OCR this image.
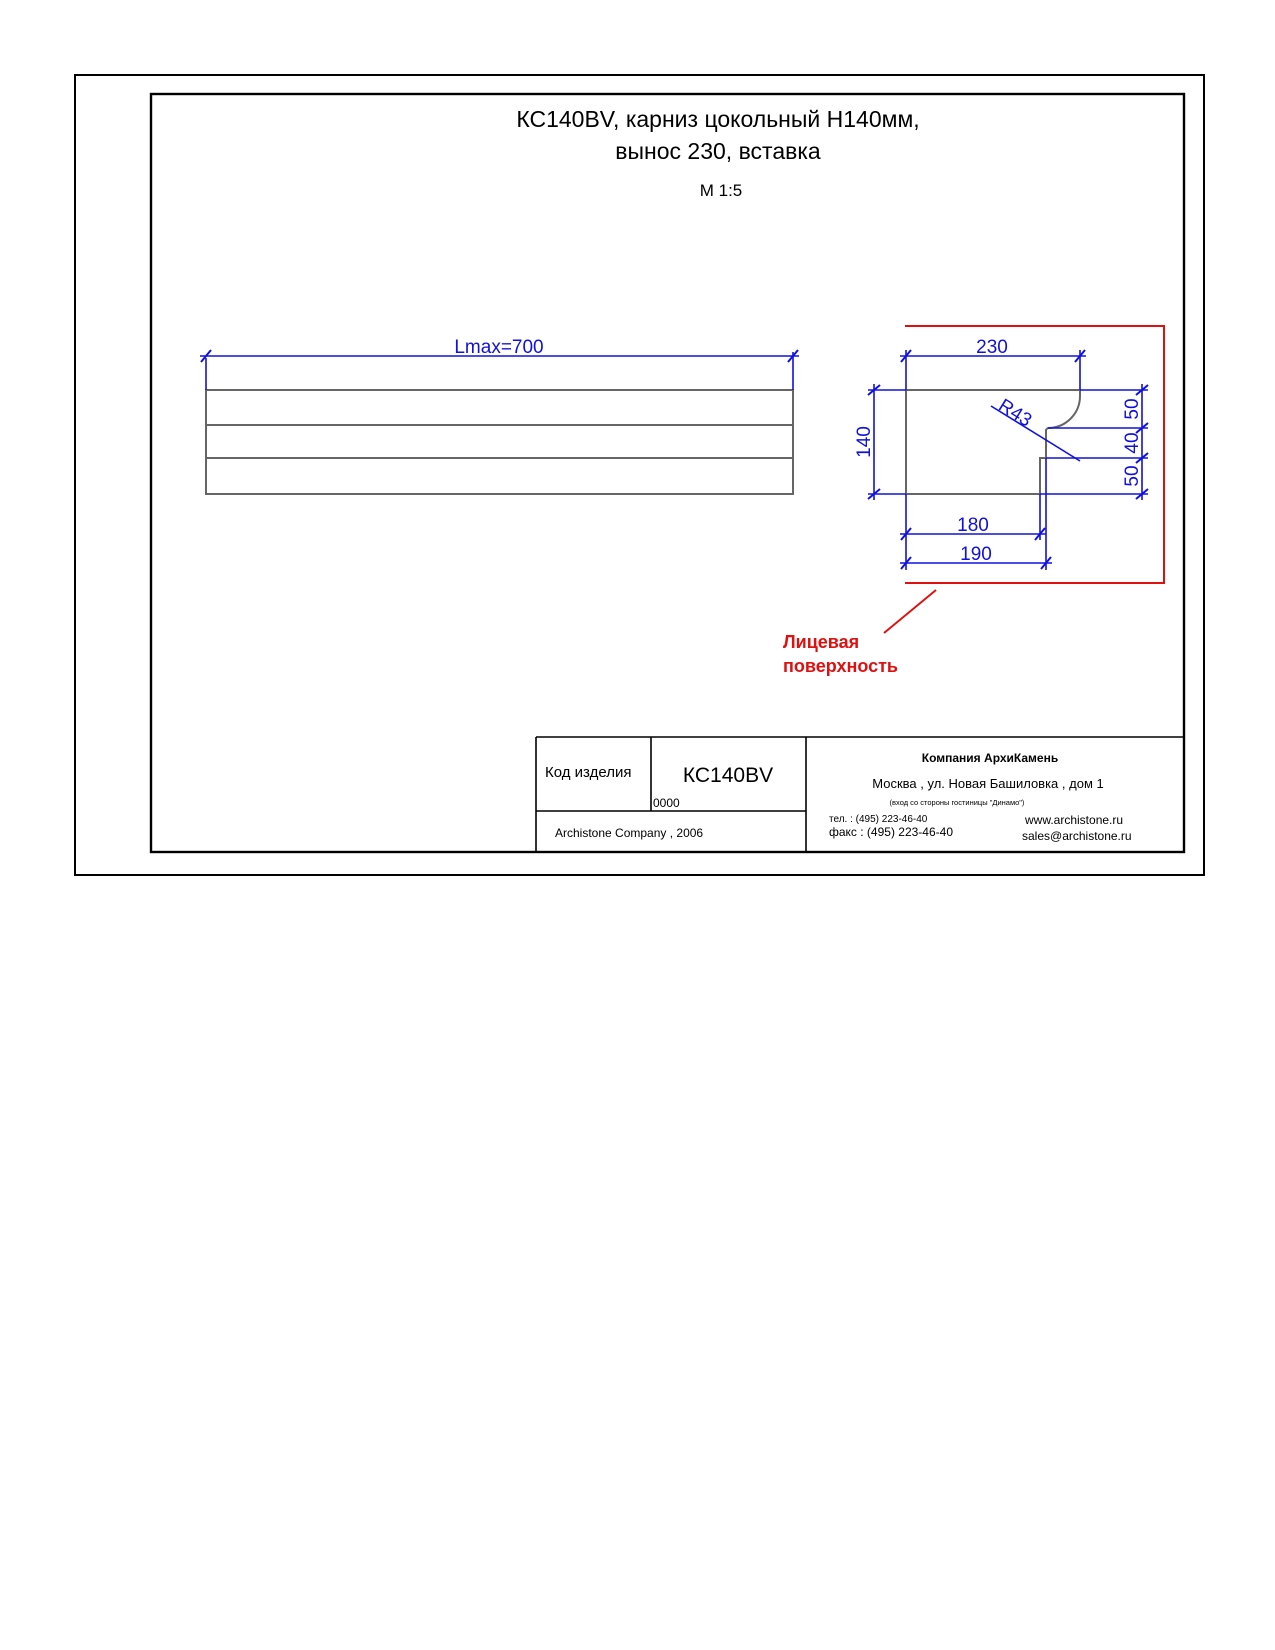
КС140BV, карниз цокольный Н140мм,
вынос 230, вставка
М 1:5
Lmax=700	230
140
R43	50
40
50
180
190
Лицевая
поверхность
Код изделия КС140BV
0000
Archistone Company , 2006
Компания АрхиКамень
Москва , ул. Новая Башиловка , дом 1
(вход со стороны гостиницы "Динамо")
тел. : (495) 223-46-40
факс : (495) 223-46-40
www.archistone.ru
sales@archistone.ru
